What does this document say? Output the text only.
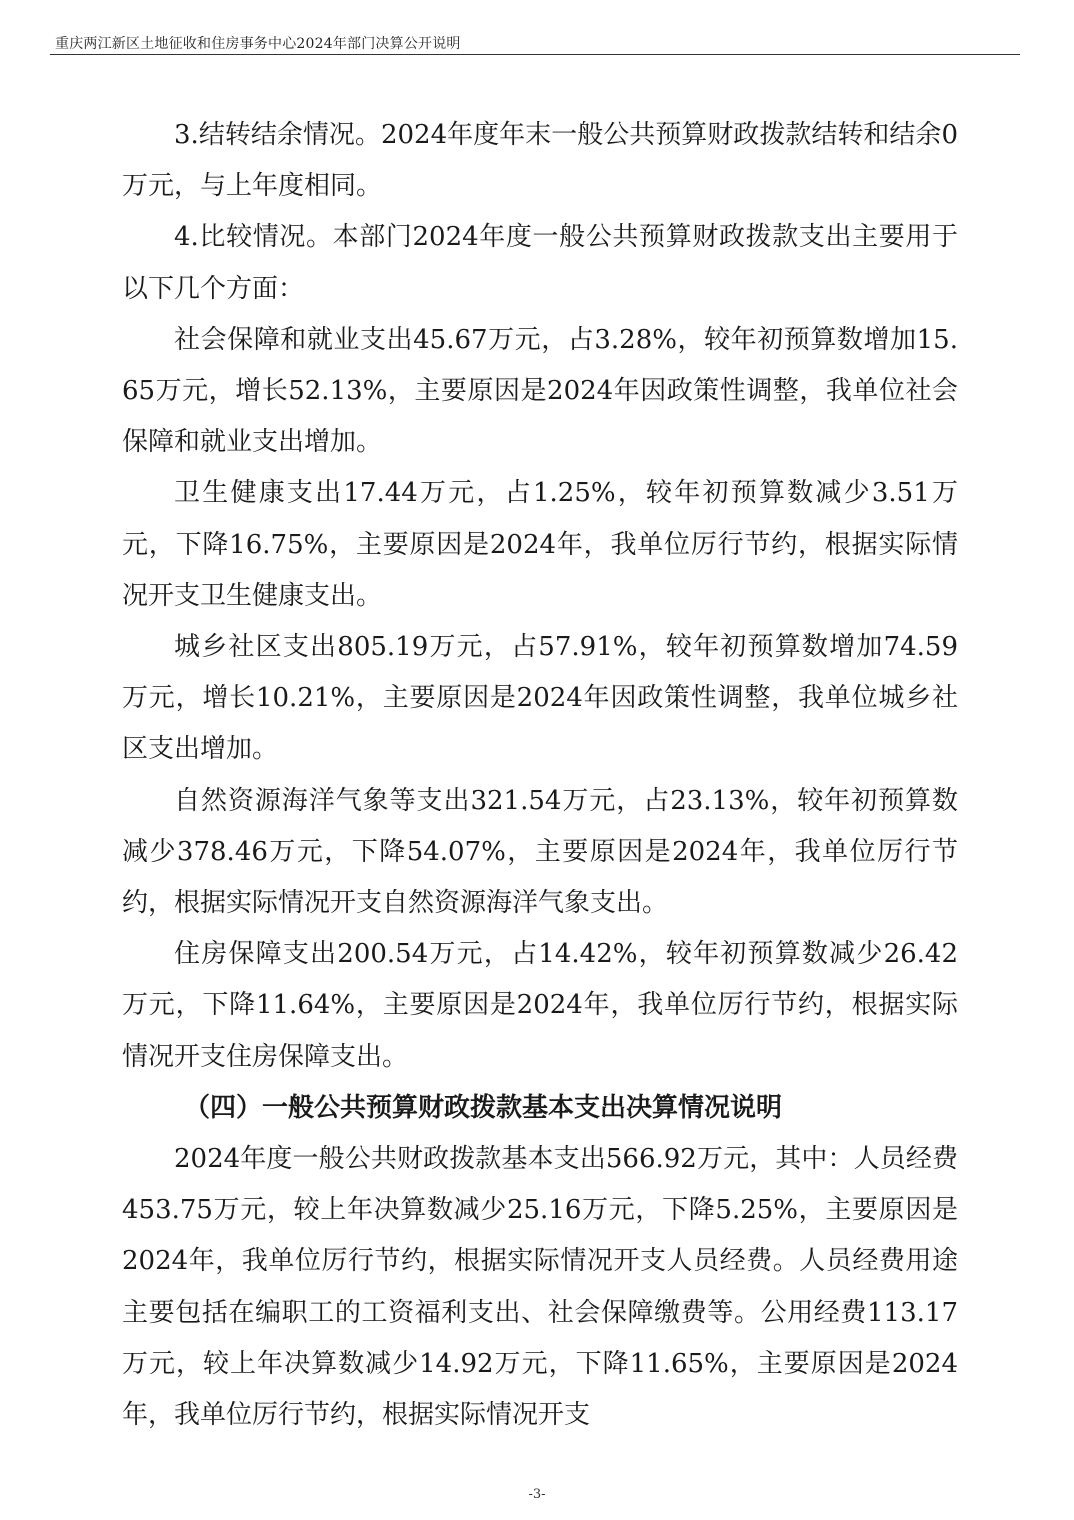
重庆两江新区土地征收和住房事务中心2024年部门决算公开说明

3.结转结余情况。2024年度年末一般公共预算财政拨款结转和结余0万元，与上年度相同。

4.比较情况。本部门2024年度一般公共预算财政拨款支出主要用于以下几个方面：

社会保障和就业支出45.67万元，占3.28%，较年初预算数增加15.65万元，增长52.13%，主要原因是2024年因政策性调整，我单位社会保障和就业支出增加。

卫生健康支出17.44万元，占1.25%，较年初预算数减少3.51万元，下降16.75%，主要原因是2024年，我单位厉行节约，根据实际情况开支卫生健康支出。

城乡社区支出805.19万元，占57.91%，较年初预算数增加74.59万元，增长10.21%，主要原因是2024年因政策性调整，我单位城乡社区支出增加。

自然资源海洋气象等支出321.54万元，占23.13%，较年初预算数减少378.46万元，下降54.07%，主要原因是2024年，我单位厉行节约，根据实际情况开支自然资源海洋气象支出。

住房保障支出200.54万元，占14.42%，较年初预算数减少26.42万元，下降11.64%，主要原因是2024年，我单位厉行节约，根据实际情况开支住房保障支出。

（四）一般公共预算财政拨款基本支出决算情况说明

2024年度一般公共财政拨款基本支出566.92万元，其中：人员经费453.75万元，较上年决算数减少25.16万元，下降5.25%，主要原因是2024年，我单位厉行节约，根据实际情况开支人员经费。人员经费用途主要包括在编职工的工资福利支出、社会保障缴费等。公用经费113.17万元，较上年决算数减少14.92万元，下降11.65%，主要原因是2024年，我单位厉行节约，根据实际情况开支

-3-
